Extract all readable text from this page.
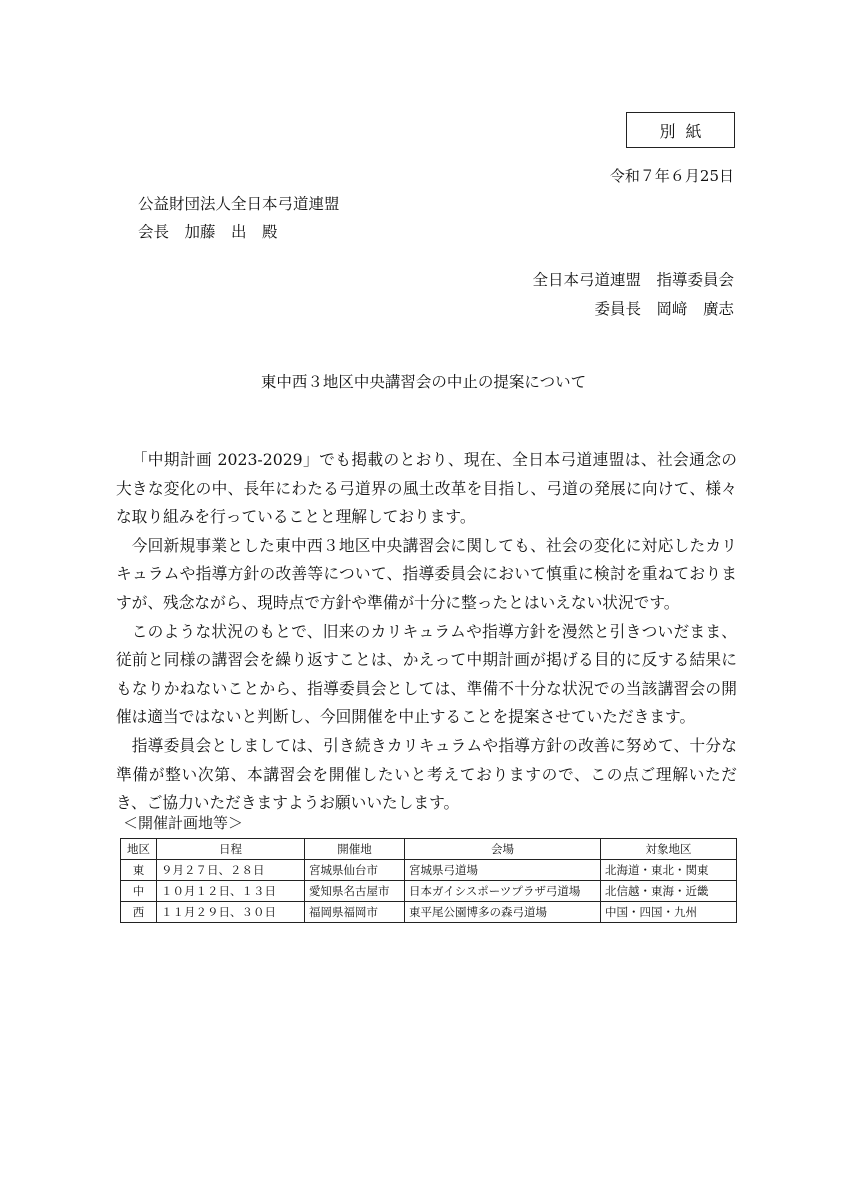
別紙
令和７年６月25日
公益財団法人全日本弓道連盟
会長　加藤　出　殿
全日本弓道連盟　指導委員会
委員長　岡﨑　廣志
東中西３地区中央講習会の中止の提案について

「中期計画 2023-2029」でも掲載のとおり、現在、全日本弓道連盟は、社会通念の大きな変化の中、長年にわたる弓道界の風土改革を目指し、弓道の発展に向けて、様々な取り組みを行っていることと理解しております。

今回新規事業とした東中西３地区中央講習会に関しても、社会の変化に対応したカリキュラムや指導方針の改善等について、指導委員会において慎重に検討を重ねておりますが、残念ながら、現時点で方針や準備が十分に整ったとはいえない状況です。

このような状況のもとで、旧来のカリキュラムや指導方針を漫然と引きついだまま、従前と同様の講習会を繰り返すことは、かえって中期計画が掲げる目的に反する結果にもなりかねないことから、指導委員会としては、準備不十分な状況での当該講習会の開催は適当ではないと判断し、今回開催を中止することを提案させていただきます。

指導委員会としましては、引き続きカリキュラムや指導方針の改善に努めて、十分な準備が整い次第、本講習会を開催したいと考えておりますので、この点ご理解いただき、ご協力いただきますようお願いいたします。

＜開催計画地等＞
地区	日程	開催地	会場	対象地区
東	９月２７日、２８日	宮城県仙台市	宮城県弓道場	北海道・東北・関東
中	１０月１２日、１３日	愛知県名古屋市	日本ガイシスポーツプラザ弓道場	北信越・東海・近畿
西	１１月２９日、３０日	福岡県福岡市	東平尾公園博多の森弓道場	中国・四国・九州
